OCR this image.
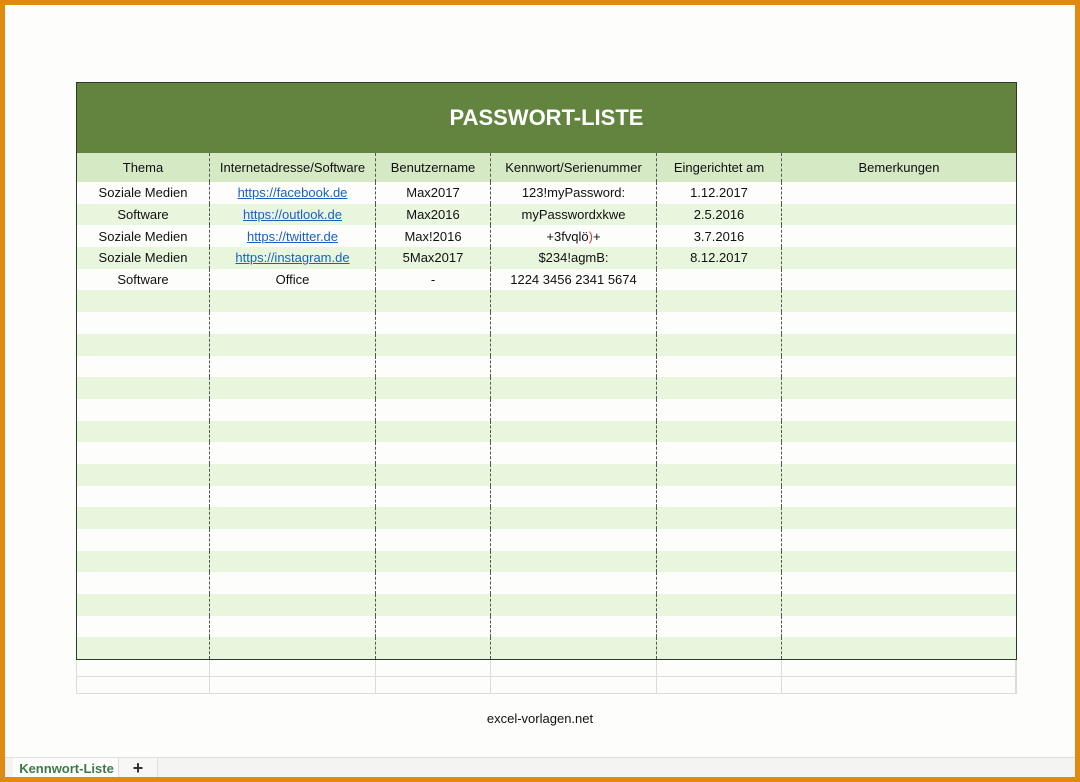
PASSWORT-LISTE
Thema	Internetadresse/Software	Benutzername	Kennwort/Serienummer	Eingerichtet am	Bemerkungen
Soziale Medien	https://facebook.de	Max2017	123!myPassword:	1.12.2017
Software	https://outlook.de	Max2016	myPasswordxkwe	2.5.2016
Soziale Medien	https://twitter.de	Max!2016	+3fvqlö ) +	3.7.2016
Soziale Medien	https://instagram.de	5Max2017	$234!agmB:	8.12.2017
Software	Office	-	1224 3456 2341 5674
excel-vorlagen.net
Kennwort-Liste	+
